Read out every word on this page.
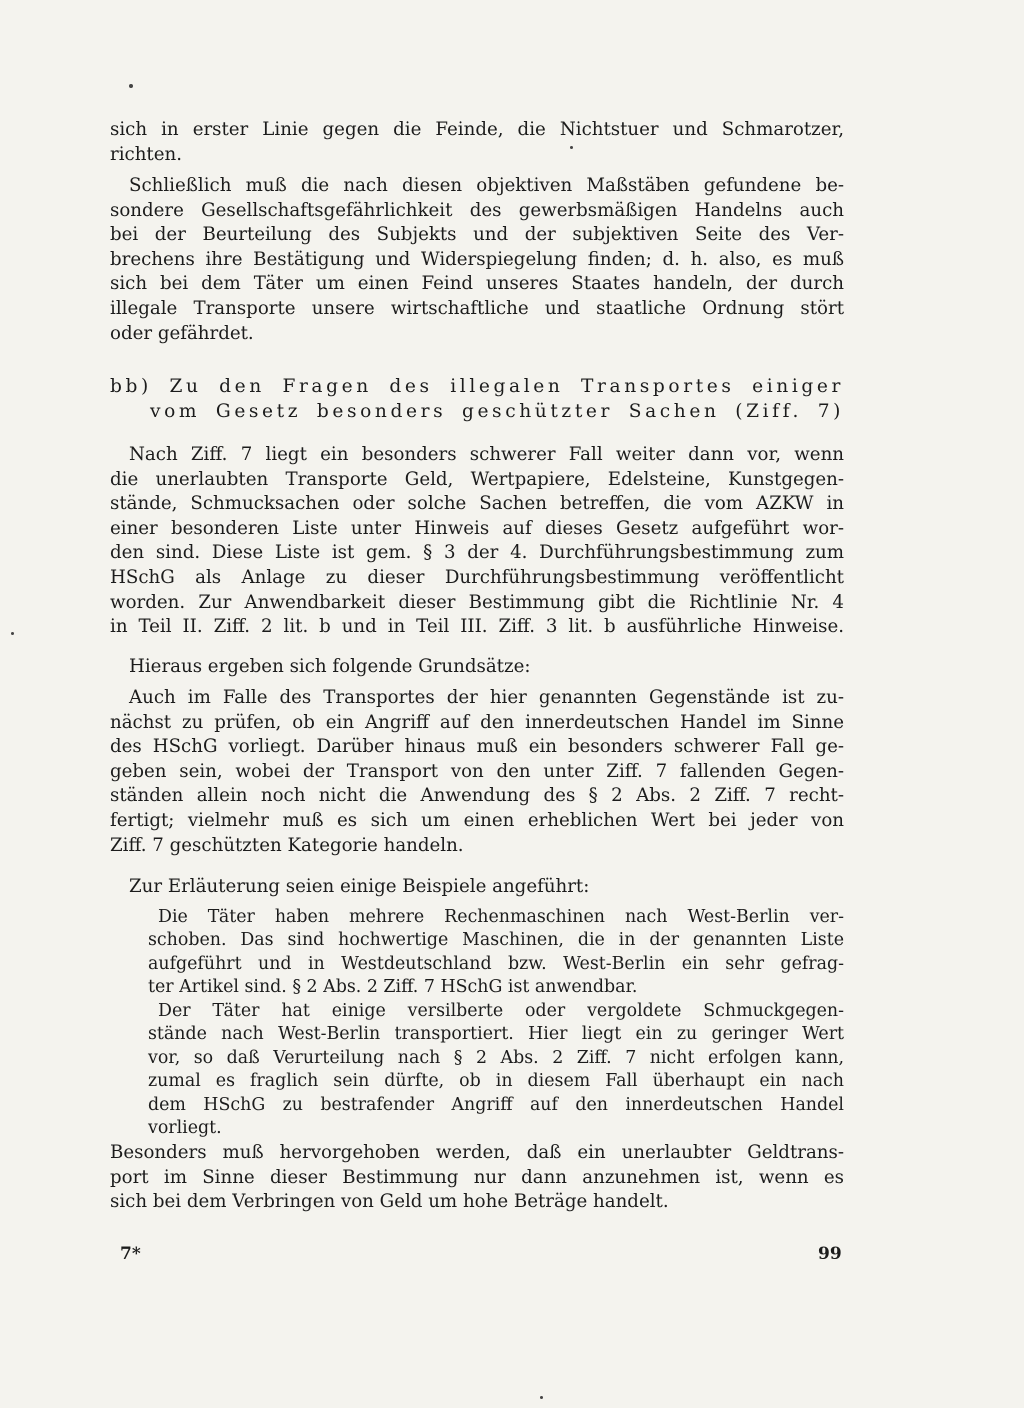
sich in erster Linie gegen die Feinde, die Nichtstuer und Schmarotzer,
richten.
Schließlich muß die nach diesen objektiven Maßstäben gefundene be-
sondere Gesellschaftsgefährlichkeit des gewerbsmäßigen Handelns auch
bei der Beurteilung des Subjekts und der subjektiven Seite des Ver-
brechens ihre Bestätigung und Widerspiegelung finden; d. h. also, es muß
sich bei dem Täter um einen Feind unseres Staates handeln, der durch
illegale Transporte unsere wirtschaftliche und staatliche Ordnung stört
oder gefährdet.
bb) Zu den Fragen des illegalen Transportes einiger
vom Gesetz besonders geschützter Sachen (Ziff. 7)
Nach Ziff. 7 liegt ein besonders schwerer Fall weiter dann vor, wenn
die unerlaubten Transporte Geld, Wertpapiere, Edelsteine, Kunstgegen-
stände, Schmucksachen oder solche Sachen betreffen, die vom AZKW in
einer besonderen Liste unter Hinweis auf dieses Gesetz aufgeführt wor-
den sind. Diese Liste ist gem. § 3 der 4. Durchführungsbestimmung zum
HSchG als Anlage zu dieser Durchführungsbestimmung veröffentlicht
worden. Zur Anwendbarkeit dieser Bestimmung gibt die Richtlinie Nr. 4
in Teil II. Ziff. 2 lit. b und in Teil III. Ziff. 3 lit. b ausführliche Hinweise.
Hieraus ergeben sich folgende Grundsätze:
Auch im Falle des Transportes der hier genannten Gegenstände ist zu-
nächst zu prüfen, ob ein Angriff auf den innerdeutschen Handel im Sinne
des HSchG vorliegt. Darüber hinaus muß ein besonders schwerer Fall ge-
geben sein, wobei der Transport von den unter Ziff. 7 fallenden Gegen-
ständen allein noch nicht die Anwendung des § 2 Abs. 2 Ziff. 7 recht-
fertigt; vielmehr muß es sich um einen erheblichen Wert bei jeder von
Ziff. 7 geschützten Kategorie handeln.
Zur Erläuterung seien einige Beispiele angeführt:
Die Täter haben mehrere Rechenmaschinen nach West-Berlin ver-
schoben. Das sind hochwertige Maschinen, die in der genannten Liste
aufgeführt und in Westdeutschland bzw. West-Berlin ein sehr gefrag-
ter Artikel sind. § 2 Abs. 2 Ziff. 7 HSchG ist anwendbar.
Der Täter hat einige versilberte oder vergoldete Schmuckgegen-
stände nach West-Berlin transportiert. Hier liegt ein zu geringer Wert
vor, so daß Verurteilung nach § 2 Abs. 2 Ziff. 7 nicht erfolgen kann,
zumal es fraglich sein dürfte, ob in diesem Fall überhaupt ein nach
dem HSchG zu bestrafender Angriff auf den innerdeutschen Handel
vorliegt.
Besonders muß hervorgehoben werden, daß ein unerlaubter Geldtrans-
port im Sinne dieser Bestimmung nur dann anzunehmen ist, wenn es
sich bei dem Verbringen von Geld um hohe Beträge handelt.
7*	99
